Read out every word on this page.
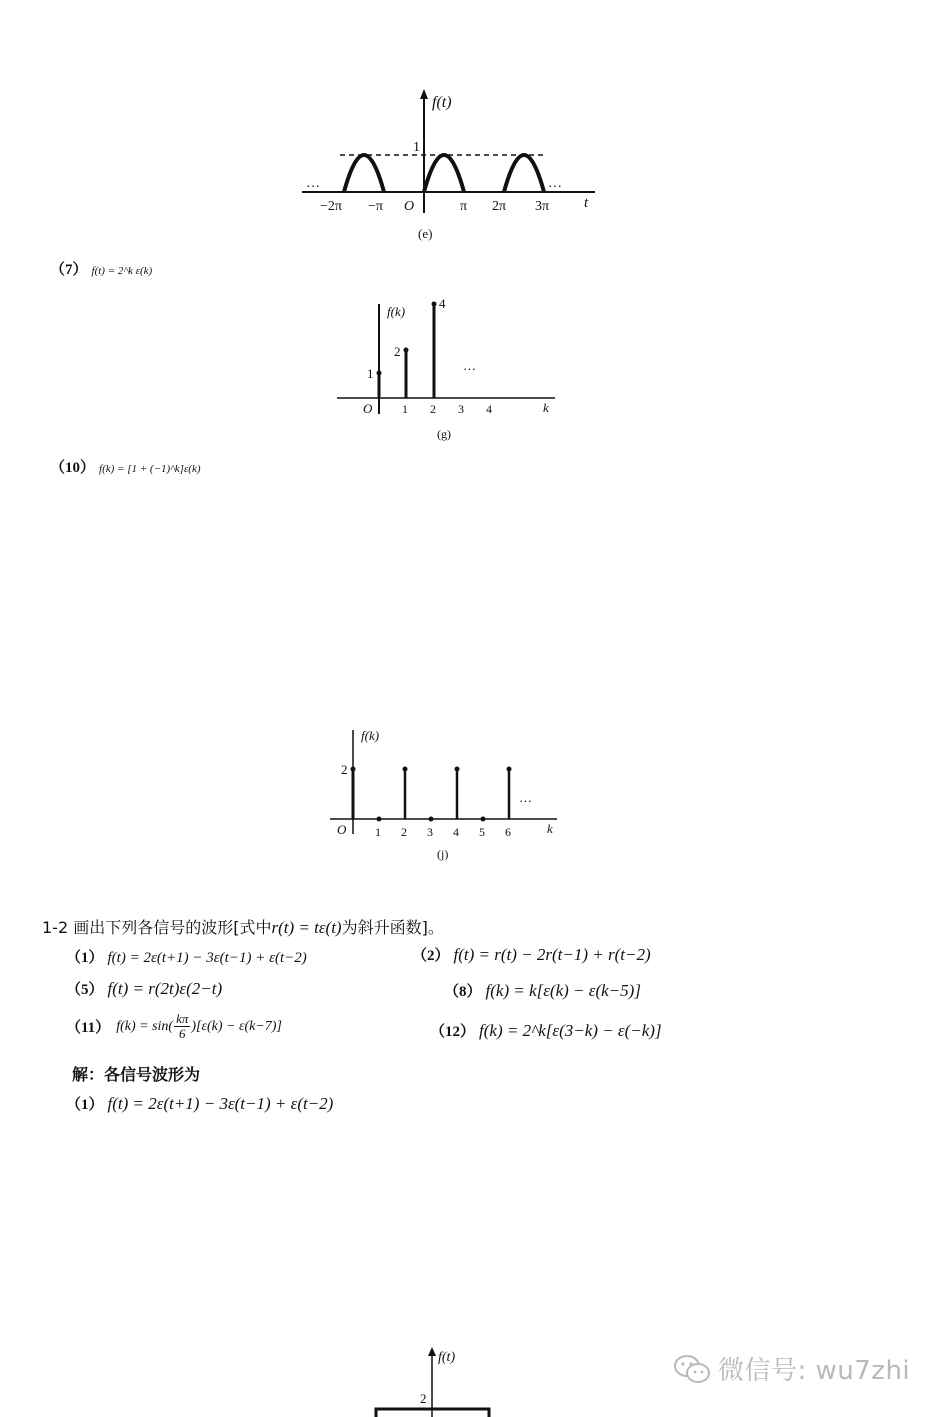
f(t)
1
…	…
−2π −π O	π 2π 3π t
(e)
（7） f(t) = 2^k ε(k)
f(k)
1
2
4
…
O 1 2 3 4	k
(g)
（10） f(k) = [1 + (−1)^k]ε(k)
f(k)
2
…
O 1 2 3 4 5 6	k
(j)
1-2 画出下列各信号的波形[式中r(t) = tε(t)为斜升函数]。
（1） f(t) = 2ε(t+1) − 3ε(t−1) + ε(t−2)	（2） f(t) = r(t) − 2r(t−1) + r(t−2)
（5） f(t) = r(2t)ε(2−t)	（8） f(k) = k[ε(k) − ε(k−5)]
（11） $f(k) = \sin( \frac{k\pi}{6} )[\varepsilon(k) - \varepsilon(k-7)]$	（12） f(k) = 2^k[ε(3−k) − ε(−k)]
解：各信号波形为
（1） f(t) = 2ε(t+1) − 3ε(t−1) + ε(t−2)
f(t)
2
微信号: wu7zhi
